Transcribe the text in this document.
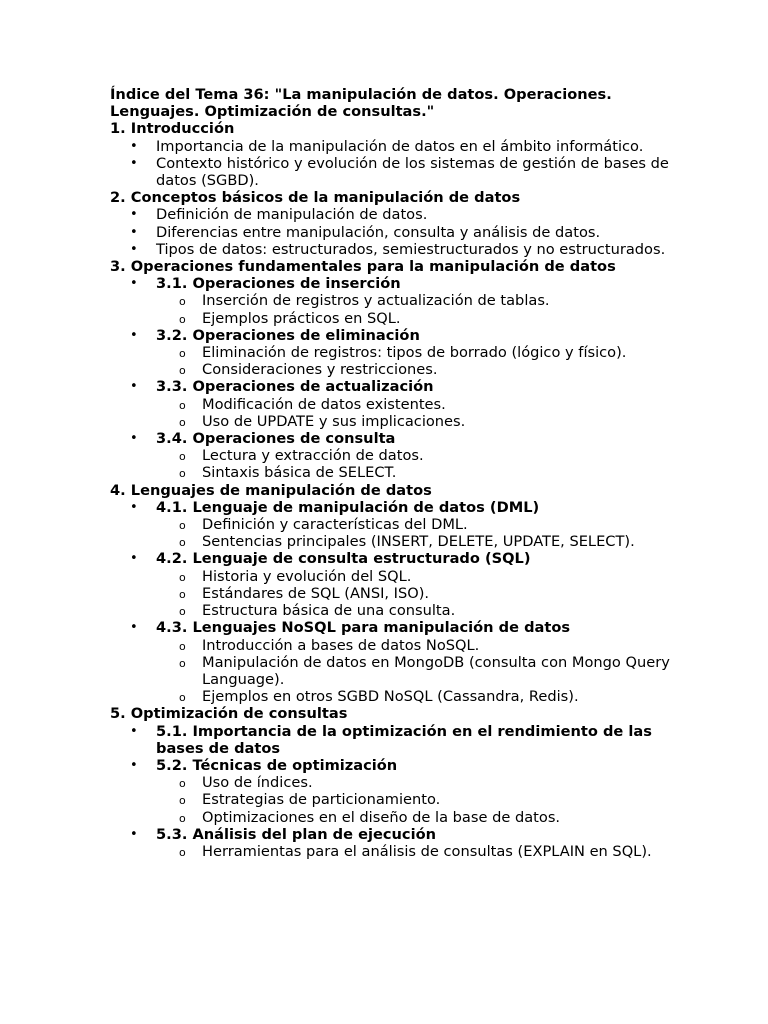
Índice del Tema 36: "La manipulación de datos. Operaciones. Lenguajes. Optimización de consultas."

1. Introducción

• Importancia de la manipulación de datos en el ámbito informático.
• Contexto histórico y evolución de los sistemas de gestión de bases de datos (SGBD).

2. Conceptos básicos de la manipulación de datos

• Definición de manipulación de datos.
• Diferencias entre manipulación, consulta y análisis de datos.
• Tipos de datos: estructurados, semiestructurados y no estructurados.

3. Operaciones fundamentales para la manipulación de datos

• 3.1. Operaciones de inserción
o Inserción de registros y actualización de tablas.
o Ejemplos prácticos en SQL.
• 3.2. Operaciones de eliminación
o Eliminación de registros: tipos de borrado (lógico y físico).
o Consideraciones y restricciones.
• 3.3. Operaciones de actualización
o Modificación de datos existentes.
o Uso de UPDATE y sus implicaciones.
• 3.4. Operaciones de consulta
o Lectura y extracción de datos.
o Sintaxis básica de SELECT.

4. Lenguajes de manipulación de datos

• 4.1. Lenguaje de manipulación de datos (DML)
o Definición y características del DML.
o Sentencias principales (INSERT, DELETE, UPDATE, SELECT).
• 4.2. Lenguaje de consulta estructurado (SQL)
o Historia y evolución del SQL.
o Estándares de SQL (ANSI, ISO).
o Estructura básica de una consulta.
• 4.3. Lenguajes NoSQL para manipulación de datos
o Introducción a bases de datos NoSQL.
o Manipulación de datos en MongoDB (consulta con Mongo Query Language).
o Ejemplos en otros SGBD NoSQL (Cassandra, Redis).

5. Optimización de consultas

• 5.1. Importancia de la optimización en el rendimiento de las bases de datos
• 5.2. Técnicas de optimización
o Uso de índices.
o Estrategias de particionamiento.
o Optimizaciones en el diseño de la base de datos.
• 5.3. Análisis del plan de ejecución
o Herramientas para el análisis de consultas (EXPLAIN en SQL).
